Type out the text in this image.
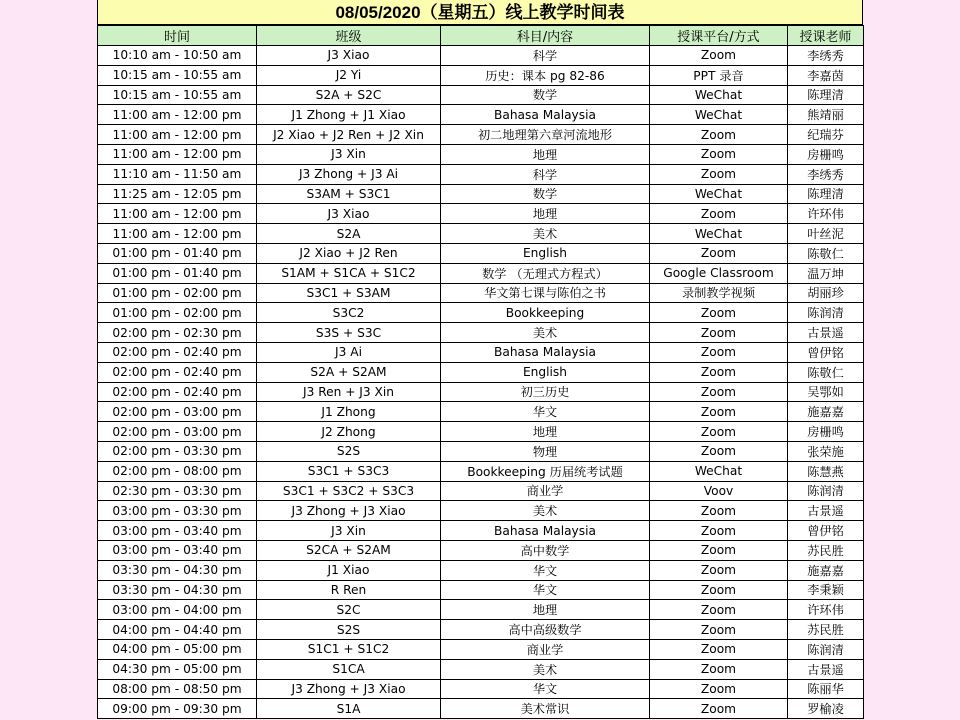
08/05/2020（星期五）线上教学时间表
时间	班级	科目/内容	授课平台/方式	授课老师
10:10 am - 10:50 am	J3 Xiao	科学	Zoom	李绣秀
10:15 am - 10:55 am	J2 Yi	历史：课本 pg 82-86	PPT 录音	李嘉茵
10:15 am - 10:55 am	S2A + S2C	数学	WeChat	陈理清
11:00 am - 12:00 pm	J1 Zhong + J1 Xiao	Bahasa Malaysia	WeChat	熊靖丽
11:00 am - 12:00 pm	J2 Xiao + J2 Ren + J2 Xin	初二地理第六章河流地形	Zoom	纪瑞芬
11:00 am - 12:00 pm	J3 Xin	地理	Zoom	房栅鸣
11:10 am - 11:50 am	J3 Zhong + J3 Ai	科学	Zoom	李绣秀
11:25 am - 12:05 pm	S3AM + S3C1	数学	WeChat	陈理清
11:00 am - 12:00 pm	J3 Xiao	地理	Zoom	许环伟
11:00 am - 12:00 pm	S2A	美术	WeChat	叶丝泥
01:00 pm - 01:40 pm	J2 Xiao + J2 Ren	English	Zoom	陈敬仁
01:00 pm - 01:40 pm	S1AM + S1CA + S1C2	数学 （无理式方程式）	Google Classroom	温万坤
01:00 pm - 02:00 pm	S3C1 + S3AM	华文第七课与陈伯之书	录制教学视频	胡丽珍
01:00 pm - 02:00 pm	S3C2	Bookkeeping	Zoom	陈润清
02:00 pm - 02:30 pm	S3S + S3C	美术	Zoom	古景遥
02:00 pm - 02:40 pm	J3 Ai	Bahasa Malaysia	Zoom	曾伊铭
02:00 pm - 02:40 pm	S2A + S2AM	English	Zoom	陈敬仁
02:00 pm - 02:40 pm	J3 Ren + J3 Xin	初三历史	Zoom	吴鄂如
02:00 pm - 03:00 pm	J1 Zhong	华文	Zoom	施嘉嘉
02:00 pm - 03:00 pm	J2 Zhong	地理	Zoom	房栅鸣
02:00 pm - 03:30 pm	S2S	物理	Zoom	张荣施
02:00 pm - 08:00 pm	S3C1 + S3C3	Bookkeeping 历届统考试题	WeChat	陈慧燕
02:30 pm - 03:30 pm	S3C1 + S3C2 + S3C3	商业学	Voov	陈润清
03:00 pm - 03:30 pm	J3 Zhong + J3 Xiao	美术	Zoom	古景遥
03:00 pm - 03:40 pm	J3 Xin	Bahasa Malaysia	Zoom	曾伊铭
03:00 pm - 03:40 pm	S2CA + S2AM	高中数学	Zoom	苏民胜
03:30 pm - 04:30 pm	J1 Xiao	华文	Zoom	施嘉嘉
03:30 pm - 04:30 pm	R Ren	华文	Zoom	李秉颖
03:00 pm - 04:00 pm	S2C	地理	Zoom	许环伟
04:00 pm - 04:40 pm	S2S	高中高级数学	Zoom	苏民胜
04:00 pm - 05:00 pm	S1C1 + S1C2	商业学	Zoom	陈润清
04:30 pm - 05:00 pm	S1CA	美术	Zoom	古景遥
08:00 pm - 08:50 pm	J3 Zhong + J3 Xiao	华文	Zoom	陈丽华
09:00 pm - 09:30 pm	S1A	美术常识	Zoom	罗榆凌
